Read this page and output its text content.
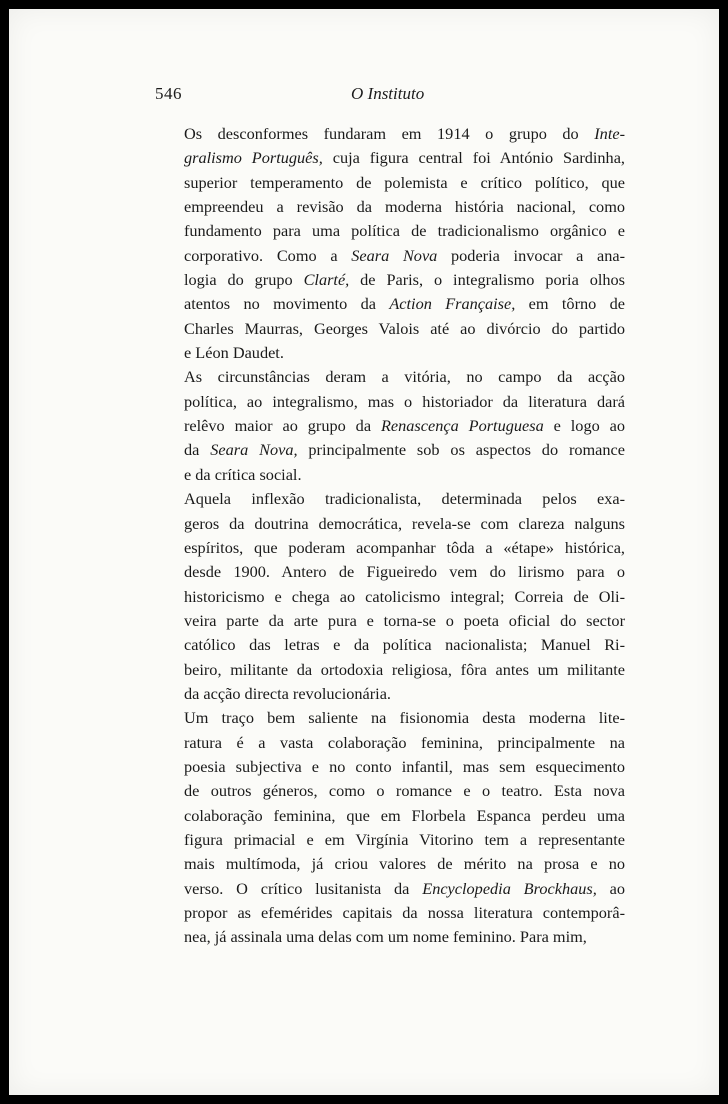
546	O Instituto

Os desconformes fundaram em 1914 o grupo do Inte-
gralismo Português, cuja figura central foi António Sardinha,
superior temperamento de polemista e crítico político, que
empreendeu a revisão da moderna história nacional, como
fundamento para uma política de tradicionalismo orgânico e
corporativo. Como a Seara Nova poderia invocar a ana-
logia do grupo Clarté, de Paris, o integralismo poria olhos
atentos no movimento da Action Française, em tôrno de
Charles Maurras, Georges Valois até ao divórcio do partido
e Léon Daudet.

As circunstâncias deram a vitória, no campo da acção
política, ao integralismo, mas o historiador da literatura dará
relêvo maior ao grupo da Renascença Portuguesa e logo ao
da Seara Nova, principalmente sob os aspectos do romance
e da crítica social.

Aquela inflexão tradicionalista, determinada pelos exa-
geros da doutrina democrática, revela-se com clareza nalguns
espíritos, que poderam acompanhar tôda a «étape» histórica,
desde 1900. Antero de Figueiredo vem do lirismo para o
historicismo e chega ao catolicismo integral; Correia de Oli-
veira parte da arte pura e torna-se o poeta oficial do sector
católico das letras e da política nacionalista; Manuel Ri-
beiro, militante da ortodoxia religiosa, fôra antes um militante
da acção directa revolucionária.

Um traço bem saliente na fisionomia desta moderna lite-
ratura é a vasta colaboração feminina, principalmente na
poesia subjectiva e no conto infantil, mas sem esquecimento
de outros géneros, como o romance e o teatro. Esta nova
colaboração feminina, que em Florbela Espanca perdeu uma
figura primacial e em Virgínia Vitorino tem a representante
mais multímoda, já criou valores de mérito na prosa e no
verso. O crítico lusitanista da Encyclopedia Brockhaus, ao
propor as efemérides capitais da nossa literatura contemporâ-
nea, já assinala uma delas com um nome feminino. Para mim,
